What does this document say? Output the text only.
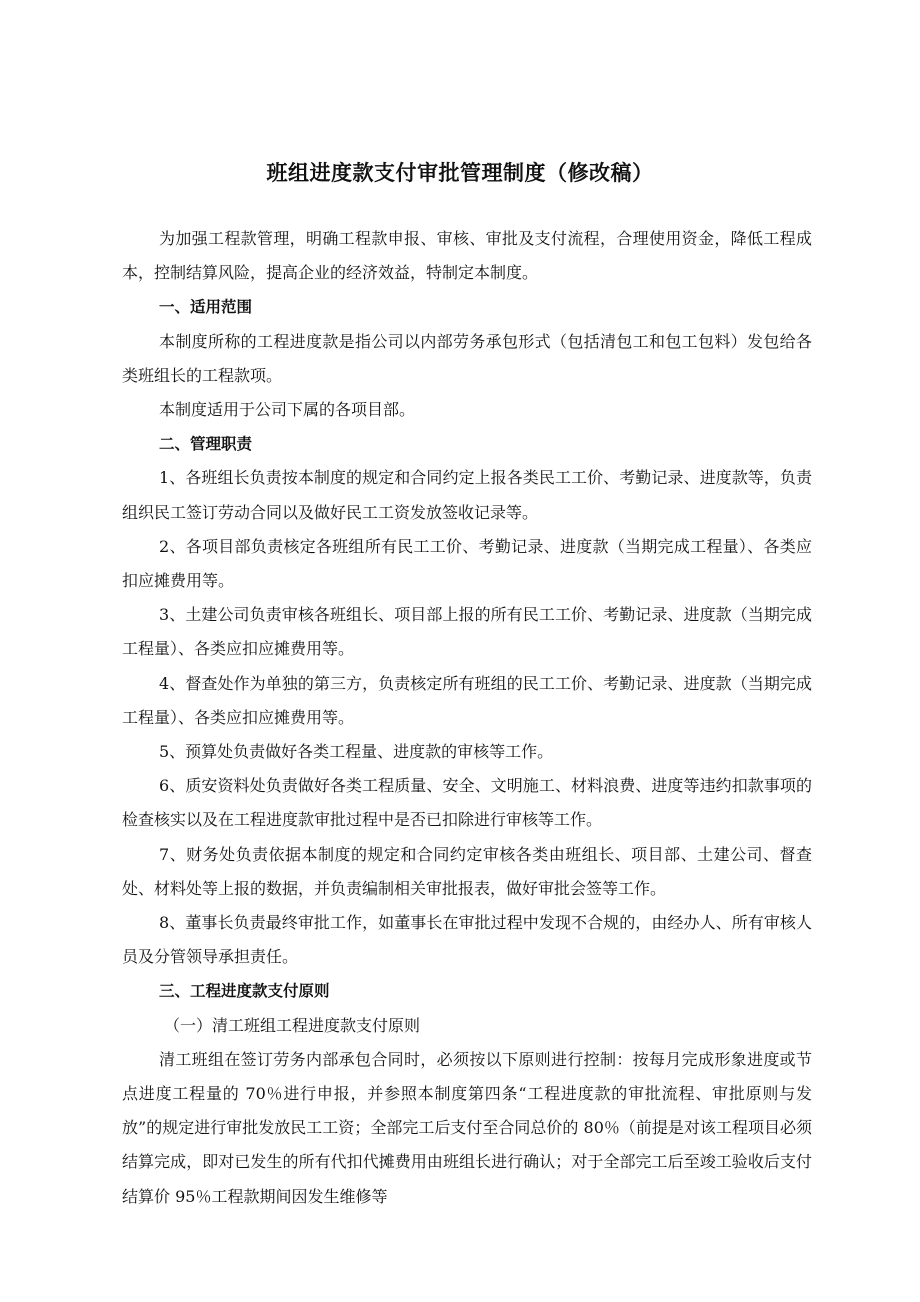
班组进度款支付审批管理制度（修改稿）

为加强工程款管理，明确工程款申报、审核、审批及支付流程，合理使用资金，降低工程成本，控制结算风险，提高企业的经济效益，特制定本制度。

一、适用范围

本制度所称的工程进度款是指公司以内部劳务承包形式（包括清包工和包工包料）发包给各类班组长的工程款项。

本制度适用于公司下属的各项目部。

二、管理职责

1、各班组长负责按本制度的规定和合同约定上报各类民工工价、考勤记录、进度款等，负责组织民工签订劳动合同以及做好民工工资发放签收记录等。

2、各项目部负责核定各班组所有民工工价、考勤记录、进度款（当期完成工程量）、各类应扣应摊费用等。

3、土建公司负责审核各班组长、项目部上报的所有民工工价、考勤记录、进度款（当期完成工程量）、各类应扣应摊费用等。

4、督查处作为单独的第三方，负责核定所有班组的民工工价、考勤记录、进度款（当期完成工程量）、各类应扣应摊费用等。

5、预算处负责做好各类工程量、进度款的审核等工作。

6、质安资料处负责做好各类工程质量、安全、文明施工、材料浪费、进度等违约扣款事项的检查核实以及在工程进度款审批过程中是否已扣除进行审核等工作。

7、财务处负责依据本制度的规定和合同约定审核各类由班组长、项目部、土建公司、督查处、材料处等上报的数据，并负责编制相关审批报表，做好审批会签等工作。

8、董事长负责最终审批工作，如董事长在审批过程中发现不合规的，由经办人、所有审核人员及分管领导承担责任。

三、工程进度款支付原则

（一）清工班组工程进度款支付原则

清工班组在签订劳务内部承包合同时，必须按以下原则进行控制：按每月完成形象进度或节点进度工程量的 70％进行申报，并参照本制度第四条“工程进度款的审批流程、审批原则与发放”的规定进行审批发放民工工资；全部完工后支付至合同总价的 80％（前提是对该工程项目必须结算完成，即对已发生的所有代扣代摊费用由班组长进行确认；对于全部完工后至竣工验收后支付结算价 95％工程款期间因发生维修等
